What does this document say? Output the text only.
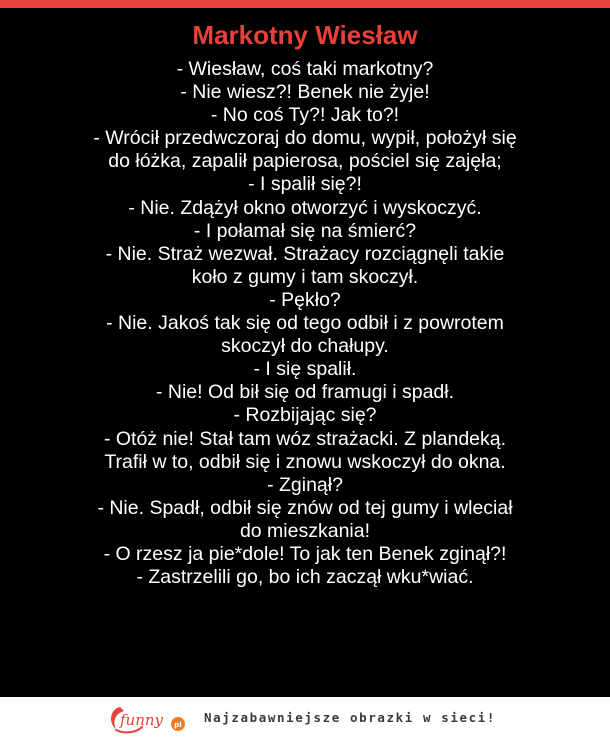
Markotny Wiesław
- Wiesław, coś taki markotny?
- Nie wiesz?! Benek nie żyje!
- No coś Ty?! Jak to?!
- Wrócił przedwczoraj do domu, wypił, położył się
do łóżka, zapalił papierosa, pościel się zajęła;
- I spalił się?!
- Nie. Zdążył okno otworzyć i wyskoczyć.
- I połamał się na śmierć?
- Nie. Straż wezwał. Strażacy rozciągnęli takie
koło z gumy i tam skoczył.
- Pękło?
- Nie. Jakoś tak się od tego odbił i z powrotem
skoczył do chałupy.
- I się spalił.
- Nie! Od bił się od framugi i spadł.
- Rozbijając się?
- Otóż nie! Stał tam wóz strażacki. Z plandeką.
Trafił w to, odbił się i znowu wskoczył do okna.
- Zginął?
- Nie. Spadł, odbił się znów od tej gumy i wleciał
do mieszkania!
- O rzesz ja pie*dole! To jak ten Benek zginął?!
- Zastrzelili go, bo ich zaczął wku*wiać.
funny pl Najzabawniejsze obrazki w sieci!
